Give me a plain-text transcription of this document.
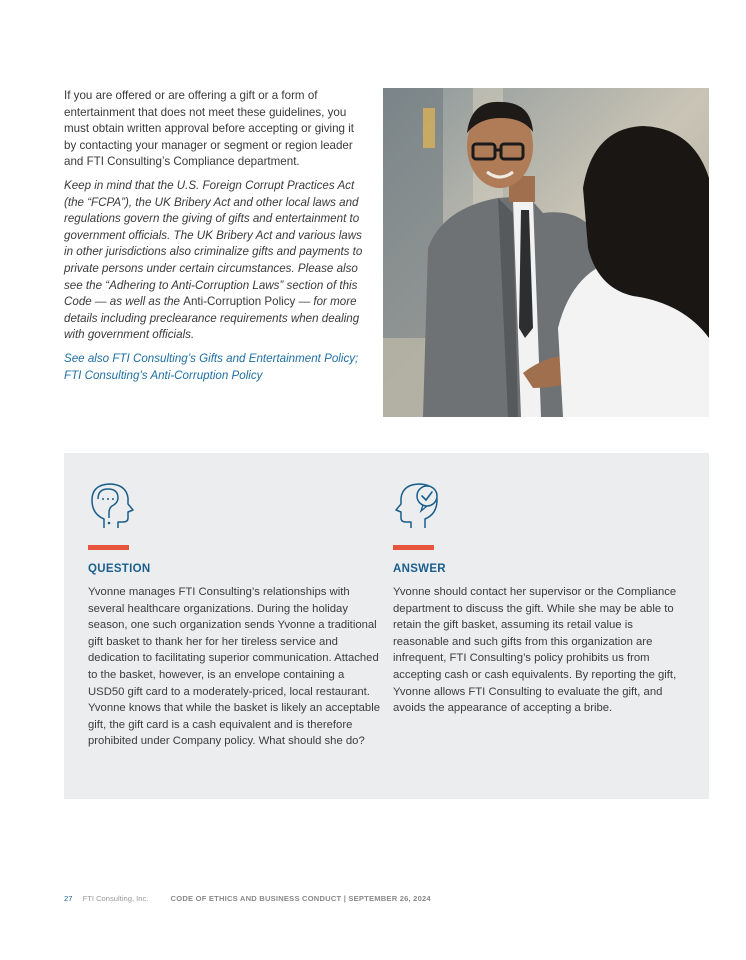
If you are offered or are offering a gift or a form of entertainment that does not meet these guidelines, you must obtain written approval before accepting or giving it by contacting your manager or segment or region leader and FTI Consulting’s Compliance department.

Keep in mind that the U.S. Foreign Corrupt Practices Act (the “FCPA”), the UK Bribery Act and other local laws and regulations govern the giving of gifts and entertainment to government officials. The UK Bribery Act and various laws in other jurisdictions also criminalize gifts and payments to private persons under certain circumstances. Please also see the “Adhering to Anti-Corruption Laws” section of this Code — as well as the Anti-Corruption Policy — for more details including preclearance requirements when dealing with government officials.

See also FTI Consulting’s Gifts and Entertainment Policy;
FTI Consulting’s Anti-Corruption Policy

QUESTION

Yvonne manages FTI Consulting’s relationships with several healthcare organizations. During the holiday season, one such organization sends Yvonne a traditional gift basket to thank her for her tireless service and dedication to facilitating superior communication. Attached to the basket, however, is an envelope containing a USD50 gift card to a moderately-priced, local restaurant. Yvonne knows that while the basket is likely an acceptable gift, the gift card is a cash equivalent and is therefore prohibited under Company policy. What should she do?

ANSWER

Yvonne should contact her supervisor or the Compliance department to discuss the gift. While she may be able to retain the gift basket, assuming its retail value is reasonable and such gifts from this organization are infrequent, FTI Consulting’s policy prohibits us from accepting cash or cash equivalents. By reporting the gift, Yvonne allows FTI Consulting to evaluate the gift, and avoids the appearance of accepting a bribe.

27 FTI Consulting, Inc.	CODE OF ETHICS AND BUSINESS CONDUCT | SEPTEMBER 26, 2024
